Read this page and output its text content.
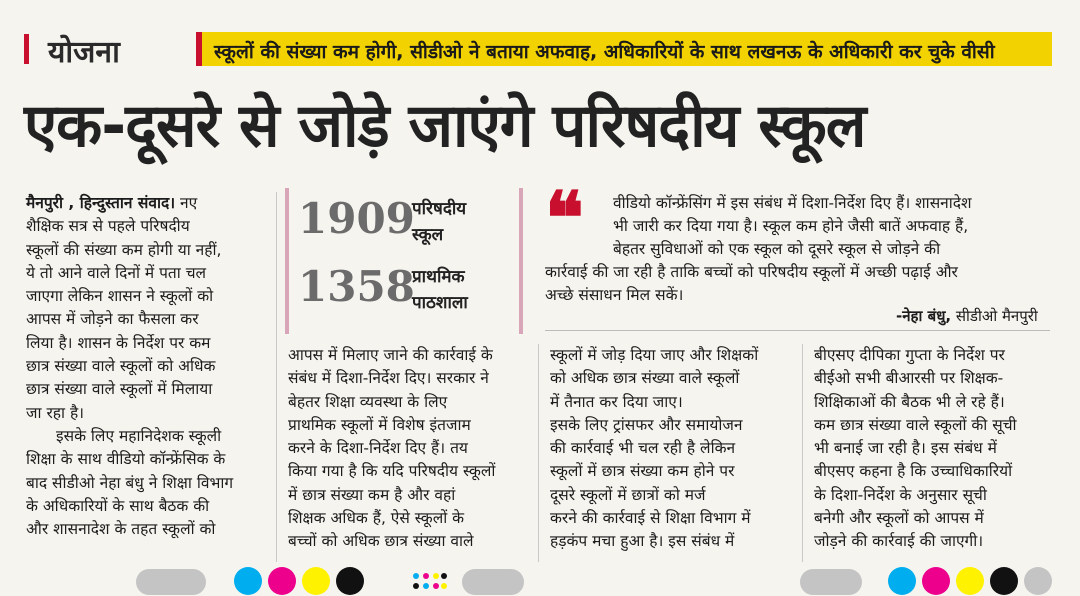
योजना	स्कूलों की संख्या कम होगी, सीडीओ ने बताया अफवाह, अधिकारियों के साथ लखनऊ के अधिकारी कर चुके वीसी
एक-दूसरे से जोड़े जाएंगे परिषदीय स्कूल
1909
परिषदीय
स्कूल
1358
प्राथमिक
पाठशाला
❝ वीडियो कॉन्फ्रेंसिंग में इस संबंध में दिशा-निर्देश दिए हैं। शासनादेश
भी जारी कर दिया गया है। स्कूल कम होने जैसी बातें अफवाह हैं,
बेहतर सुविधाओं को एक स्कूल को दूसरे स्कूल से जोड़ने की
कार्रवाई की जा रही है ताकि बच्चों को परिषदीय स्कूलों में अच्छी पढ़ाई और
अच्छे संसाधन मिल सकें।
-नेहा बंधु, सीडीओ मैनपुरी

मैनपुरी , हिन्दुस्तान संवाद। नए

शैक्षिक सत्र से पहले परिषदीय

स्कूलों की संख्या कम होगी या नहीं,

ये तो आने वाले दिनों में पता चल

जाएगा लेकिन शासन ने स्कूलों को

आपस में जोड़ने का फैसला कर

लिया है। शासन के निर्देश पर कम

छात्र संख्या वाले स्कूलों को अधिक

छात्र संख्या वाले स्कूलों में मिलाया

जा रहा है।

इसके लिए महानिदेशक स्कूली

शिक्षा के साथ वीडियो कॉन्फ्रेंसिक के

बाद सीडीओ नेहा बंधु ने शिक्षा विभाग

के अधिकारियों के साथ बैठक की

और शासनादेश के तहत स्कूलों को

आपस में मिलाए जाने की कार्रवाई के

संबंध में दिशा-निर्देश दिए। सरकार ने

बेहतर शिक्षा व्यवस्था के लिए

प्राथमिक स्कूलों में विशेष इंतजाम

करने के दिशा-निर्देश दिए हैं। तय

किया गया है कि यदि परिषदीय स्कूलों

में छात्र संख्या कम है और वहां

शिक्षक अधिक हैं, ऐसे स्कूलों के

बच्चों को अधिक छात्र संख्या वाले

स्कूलों में जोड़ दिया जाए और शिक्षकों

को अधिक छात्र संख्या वाले स्कूलों

में तैनात कर दिया जाए।

इसके लिए ट्रांसफर और समायोजन

की कार्रवाई भी चल रही है लेकिन

स्कूलों में छात्र संख्या कम होने पर

दूसरे स्कूलों में छात्रों को मर्ज

करने की कार्रवाई से शिक्षा विभाग में

हड़कंप मचा हुआ है। इस संबंध में

बीएसए दीपिका गुप्ता के निर्देश पर

बीईओ सभी बीआरसी पर शिक्षक-

शिक्षिकाओं की बैठक भी ले रहे हैं।

कम छात्र संख्या वाले स्कूलों की सूची

भी बनाई जा रही है। इस संबंध में

बीएसए कहना है कि उच्चाधिकारियों

के दिशा-निर्देश के अनुसार सूची

बनेगी और स्कूलों को आपस में

जोड़ने की कार्रवाई की जाएगी।
